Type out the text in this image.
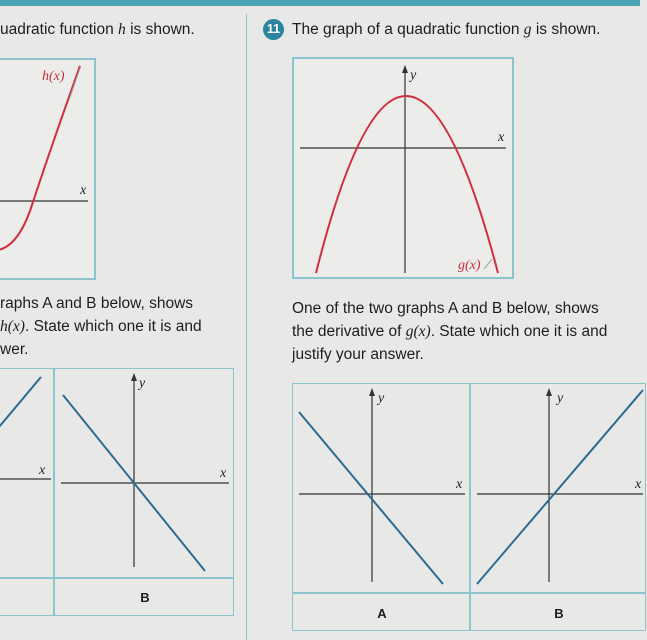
uadratic function h is shown.
x
h(x)
raphs A and B below, shows
h(x). State which one it is and
wer.
x
y
x
B
11 The graph of a quadratic function g is shown.
y
x
g(x)
One of the two graphs A and B below, shows
the derivative of g(x). State which one it is and
justify your answer.
y
x
y
x
A	B
